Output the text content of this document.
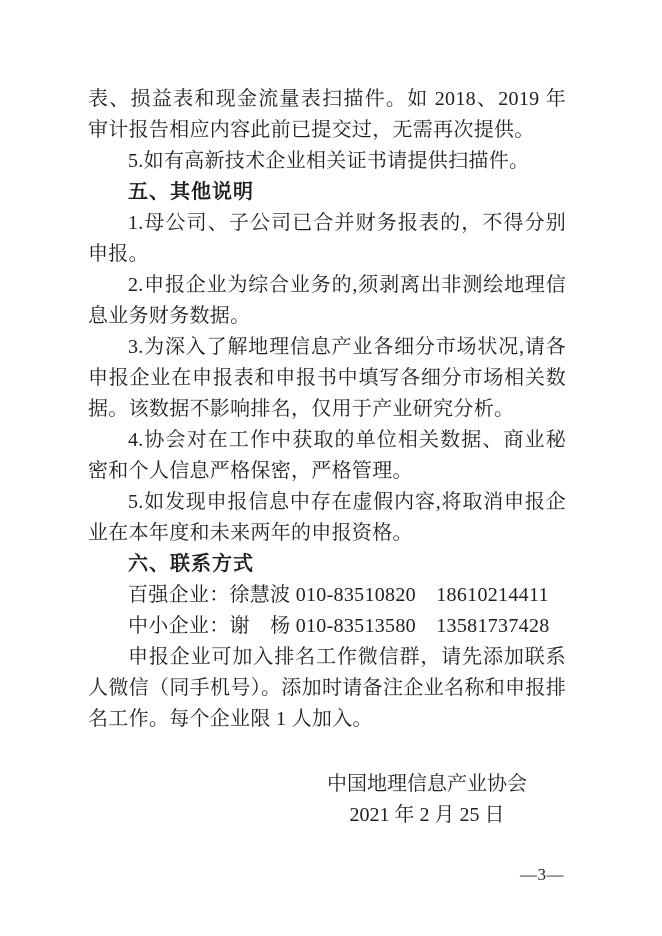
表、损益表和现金流量表扫描件。如 2018、2019 年审计报告相应内容此前已提交过，无需再次提供。

5.如有高新技术企业相关证书请提供扫描件。

五、其他说明

1.母公司、子公司已合并财务报表的，不得分别申报。

2.申报企业为综合业务的,须剥离出非测绘地理信息业务财务数据。

3.为深入了解地理信息产业各细分市场状况,请各申报企业在申报表和申报书中填写各细分市场相关数据。该数据不影响排名，仅用于产业研究分析。

4.协会对在工作中获取的单位相关数据、商业秘密和个人信息严格保密，严格管理。

5.如发现申报信息中存在虚假内容,将取消申报企业在本年度和未来两年的申报资格。

六、联系方式

百强企业：徐慧波 010-83510820　18610214411

中小企业：谢　杨 010-83513580　13581737428

申报企业可加入排名工作微信群，请先添加联系人微信（同手机号）。添加时请备注企业名称和申报排名工作。每个企业限 1 人加入。

中国地理信息产业协会

2021 年 2 月 25 日

—3—
